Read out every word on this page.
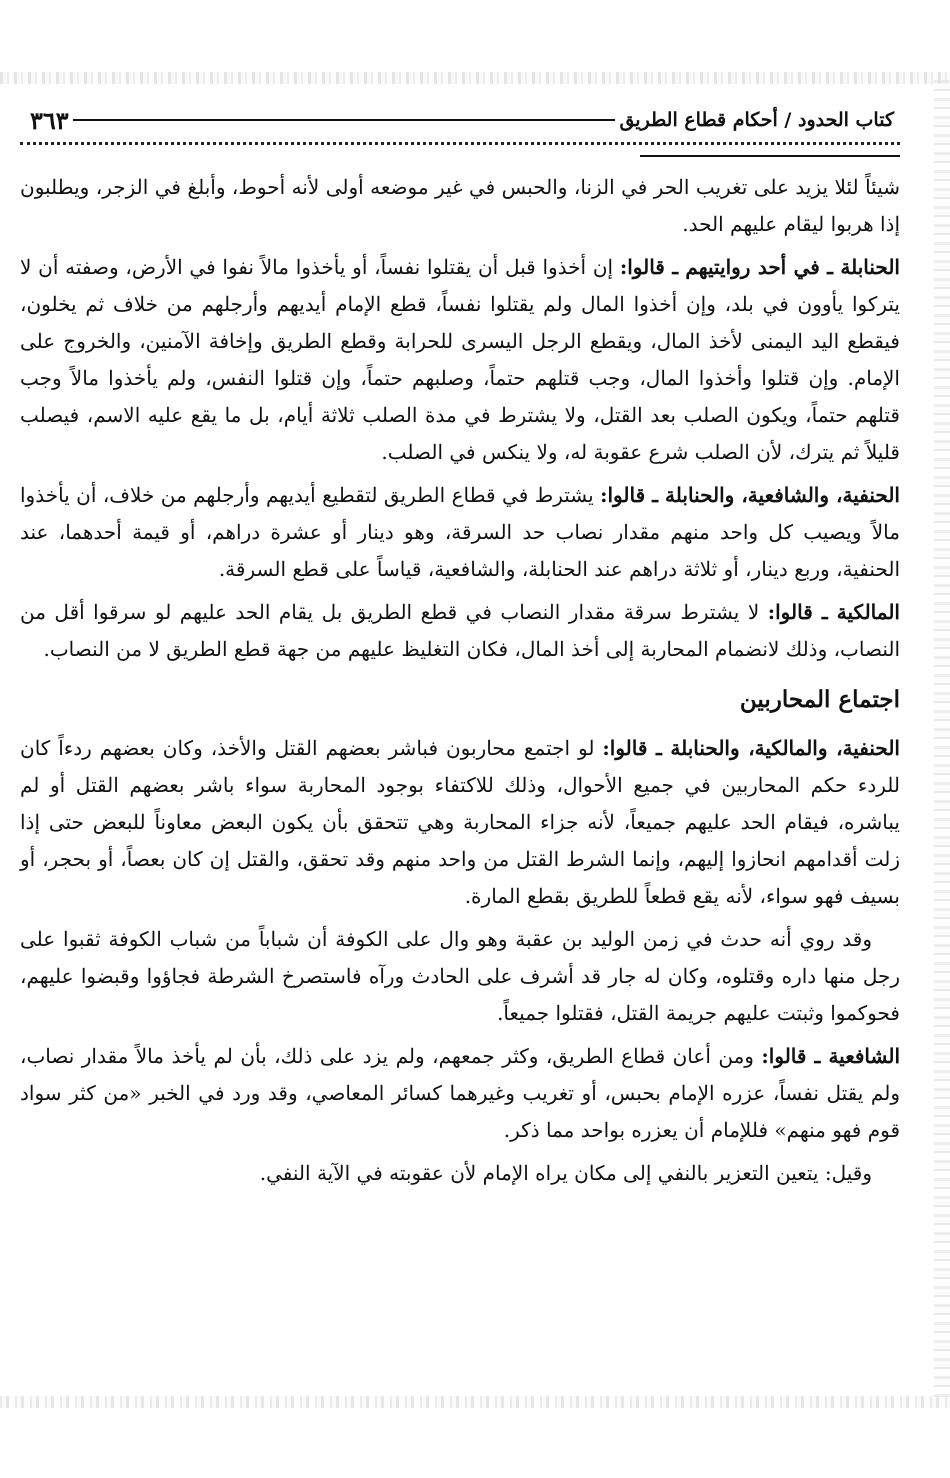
كتاب الحدود / أحكام قطاع الطريق
٣٦٣

شيئاً لئلا يزيد على تغريب الحر في الزنا، والحبس في غير موضعه أولى لأنه أحوط، وأبلغ في الزجر، ويطلبون إذا هربوا ليقام عليهم الحد.

الحنابلة ـ في أحد روايتيهم ـ قالوا: إن أخذوا قبل أن يقتلوا نفساً، أو يأخذوا مالاً نفوا في الأرض، وصفته أن لا يتركوا يأوون في بلد، وإن أخذوا المال ولم يقتلوا نفساً، قطع الإمام أيديهم وأرجلهم من خلاف ثم يخلون، فيقطع اليد اليمنى لأخذ المال، ويقطع الرجل اليسرى للحرابة وقطع الطريق وإخافة الآمنين، والخروج على الإمام. وإن قتلوا وأخذوا المال، وجب قتلهم حتماً، وصلبهم حتماً، وإن قتلوا النفس، ولم يأخذوا مالاً وجب قتلهم حتماً، ويكون الصلب بعد القتل، ولا يشترط في مدة الصلب ثلاثة أيام، بل ما يقع عليه الاسم، فيصلب قليلاً ثم يترك، لأن الصلب شرع عقوبة له، ولا ينكس في الصلب.

الحنفية، والشافعية، والحنابلة ـ قالوا: يشترط في قطاع الطريق لتقطيع أيديهم وأرجلهم من خلاف، أن يأخذوا مالاً ويصيب كل واحد منهم مقدار نصاب حد السرقة، وهو دينار أو عشرة دراهم، أو قيمة أحدهما، عند الحنفية، وربع دينار، أو ثلاثة دراهم عند الحنابلة، والشافعية، قياساً على قطع السرقة.

المالكية ـ قالوا: لا يشترط سرقة مقدار النصاب في قطع الطريق بل يقام الحد عليهم لو سرقوا أقل من النصاب، وذلك لانضمام المحاربة إلى أخذ المال، فكان التغليظ عليهم من جهة قطع الطريق لا من النصاب.

اجتماع المحاربين

الحنفية، والمالكية، والحنابلة ـ قالوا: لو اجتمع محاربون فباشر بعضهم القتل والأخذ، وكان بعضهم ردءاً كان للردء حكم المحاربين في جميع الأحوال، وذلك للاكتفاء بوجود المحاربة سواء باشر بعضهم القتل أو لم يباشره، فيقام الحد عليهم جميعاً، لأنه جزاء المحاربة وهي تتحقق بأن يكون البعض معاوناً للبعض حتى إذا زلت أقدامهم انحازوا إليهم، وإنما الشرط القتل من واحد منهم وقد تحقق، والقتل إن كان بعصاً، أو بحجر، أو بسيف فهو سواء، لأنه يقع قطعاً للطريق بقطع المارة.

وقد روي أنه حدث في زمن الوليد بن عقبة وهو وال على الكوفة أن شباباً من شباب الكوفة ثقبوا على رجل منها داره وقتلوه، وكان له جار قد أشرف على الحادث ورآه فاستصرخ الشرطة فجاؤوا وقبضوا عليهم، فحوكموا وثبتت عليهم جريمة القتل، فقتلوا جميعاً.

الشافعية ـ قالوا: ومن أعان قطاع الطريق، وكثر جمعهم، ولم يزد على ذلك، بأن لم يأخذ مالاً مقدار نصاب، ولم يقتل نفساً، عزره الإمام بحبس، أو تغريب وغيرهما كسائر المعاصي، وقد ورد في الخبر «من كثر سواد قوم فهو منهم» فللإمام أن يعزره بواحد مما ذكر.

وقيل: يتعين التعزير بالنفي إلى مكان يراه الإمام لأن عقوبته في الآية النفي.
